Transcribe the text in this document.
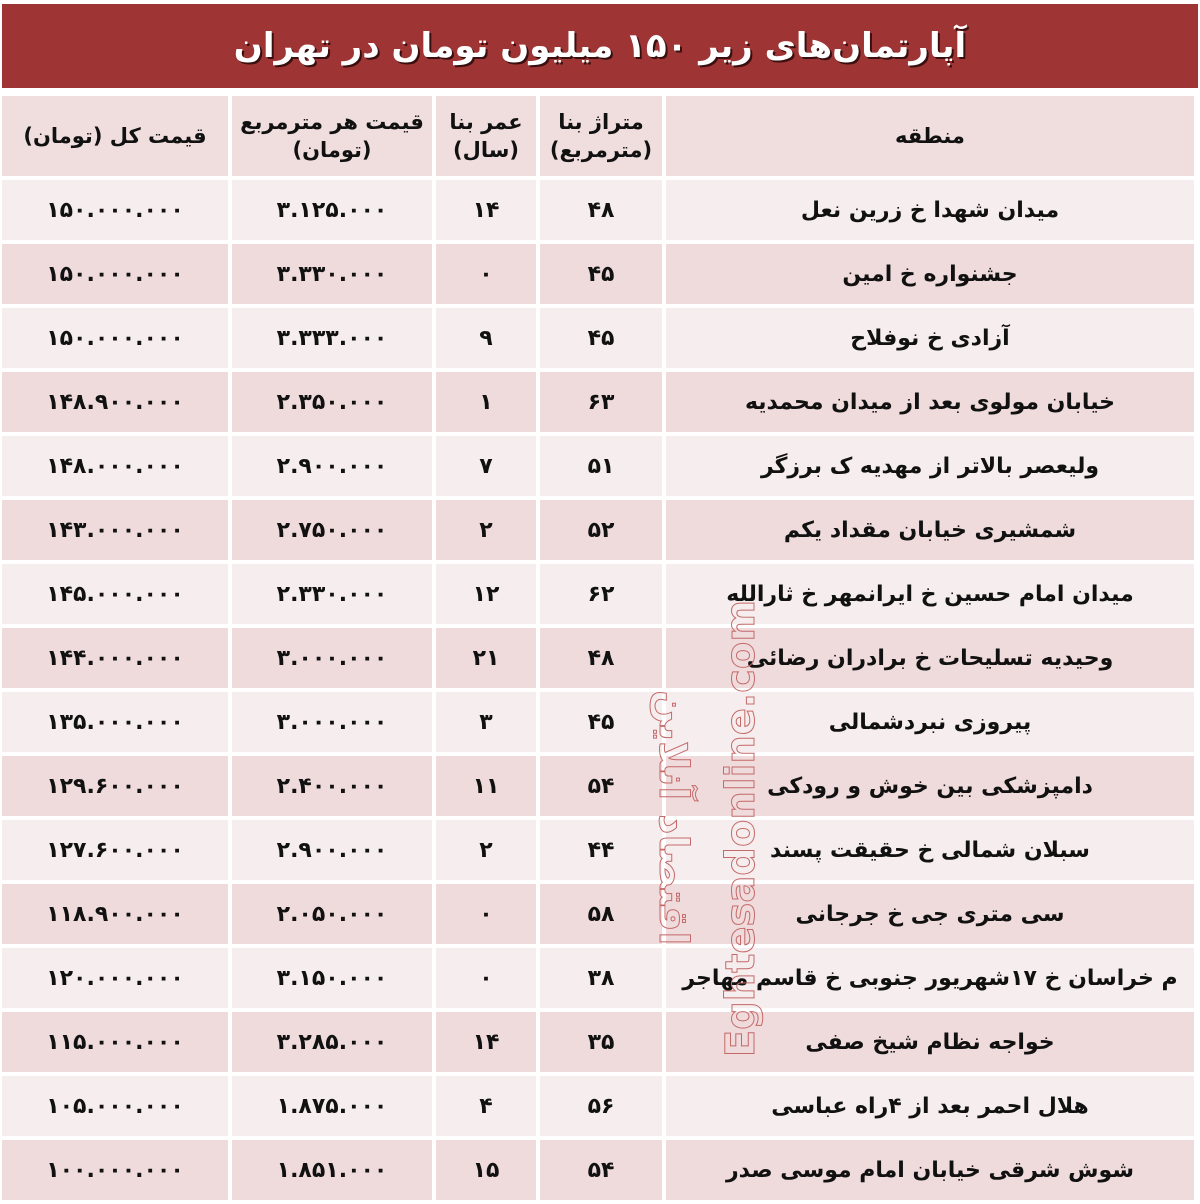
آپارتمان‌های زیر ۱۵۰ میلیون تومان در تهران
قیمت کل (تومان)	قیمت هر مترمربع (تومان)	عمر بنا (سال)	متراژ بنا (مترمربع)	منطقه
۱۵۰.۰۰۰.۰۰۰	۳.۱۲۵.۰۰۰	۱۴	۴۸	میدان شهدا خ زرین نعل
۱۵۰.۰۰۰.۰۰۰	۳.۳۳۰.۰۰۰	۰	۴۵	جشنواره خ امین
۱۵۰.۰۰۰.۰۰۰	۳.۳۳۳.۰۰۰	۹	۴۵	آزادی خ نوفلاح
۱۴۸.۹۰۰.۰۰۰	۲.۳۵۰.۰۰۰	۱	۶۳	خیابان مولوی بعد از میدان محمدیه
۱۴۸.۰۰۰.۰۰۰	۲.۹۰۰.۰۰۰	۷	۵۱	ولیعصر بالاتر از مهدیه ک برزگر
۱۴۳.۰۰۰.۰۰۰	۲.۷۵۰.۰۰۰	۲	۵۲	شمشیری خیابان مقداد یکم
۱۴۵.۰۰۰.۰۰۰	۲.۳۳۰.۰۰۰	۱۲	۶۲	میدان امام حسین خ ایرانمهر خ ثارالله
۱۴۴.۰۰۰.۰۰۰	۳.۰۰۰.۰۰۰	۲۱	۴۸	وحیدیه تسلیحات خ برادران رضائی
۱۳۵.۰۰۰.۰۰۰	۳.۰۰۰.۰۰۰	۳	۴۵	پیروزی نبردشمالی
۱۲۹.۶۰۰.۰۰۰	۲.۴۰۰.۰۰۰	۱۱	۵۴	دامپزشکی بین خوش و رودکی
۱۲۷.۶۰۰.۰۰۰	۲.۹۰۰.۰۰۰	۲	۴۴	سبلان شمالی خ حقیقت پسند
۱۱۸.۹۰۰.۰۰۰	۲.۰۵۰.۰۰۰	۰	۵۸	سی متری جی خ جرجانی
۱۲۰.۰۰۰.۰۰۰	۳.۱۵۰.۰۰۰	۰	۳۸	م خراسان خ ۱۷شهریور جنوبی خ قاسم مهاجر
۱۱۵.۰۰۰.۰۰۰	۳.۲۸۵.۰۰۰	۱۴	۳۵	خواجه نظام شیخ صفی
۱۰۵.۰۰۰.۰۰۰	۱.۸۷۵.۰۰۰	۴	۵۶	هلال احمر بعد از ۴راه عباسی
۱۰۰.۰۰۰.۰۰۰	۱.۸۵۱.۰۰۰	۱۵	۵۴	شوش شرقی خیابان امام موسی صدر
اقتصاد آنلاین
